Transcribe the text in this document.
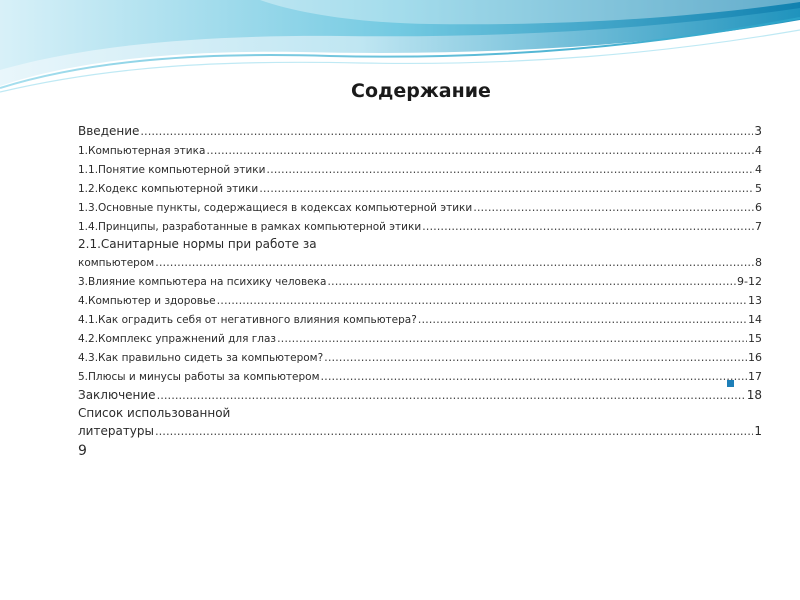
Содержание
Введение .....	3
1.Компьютерная этика .....	4
1.1.Понятие компьютерной этики .....	4
1.2.Кодекс компьютерной этики .....	5
1.3.Основные пункты, содержащиеся в кодексах компьютерной этики .....	6
1.4.Принципы, разработанные в рамках компьютерной этики .....	7
2.1.Санитарные нормы при работе за
компьютером .....	8
3.Влияние компьютера на психику человека .....	9-12
4.Компьютер и здоровье .....	13
4.1.Как оградить себя от негативного влияния компьютера? .....	14
4.2.Комплекс упражнений для глаз .....	15
4.3.Как правильно сидеть за компьютером? .....	16
5.Плюсы и минусы работы за компьютером .....	17
Заключение .....	18
Список использованной
литературы .....	1
9
